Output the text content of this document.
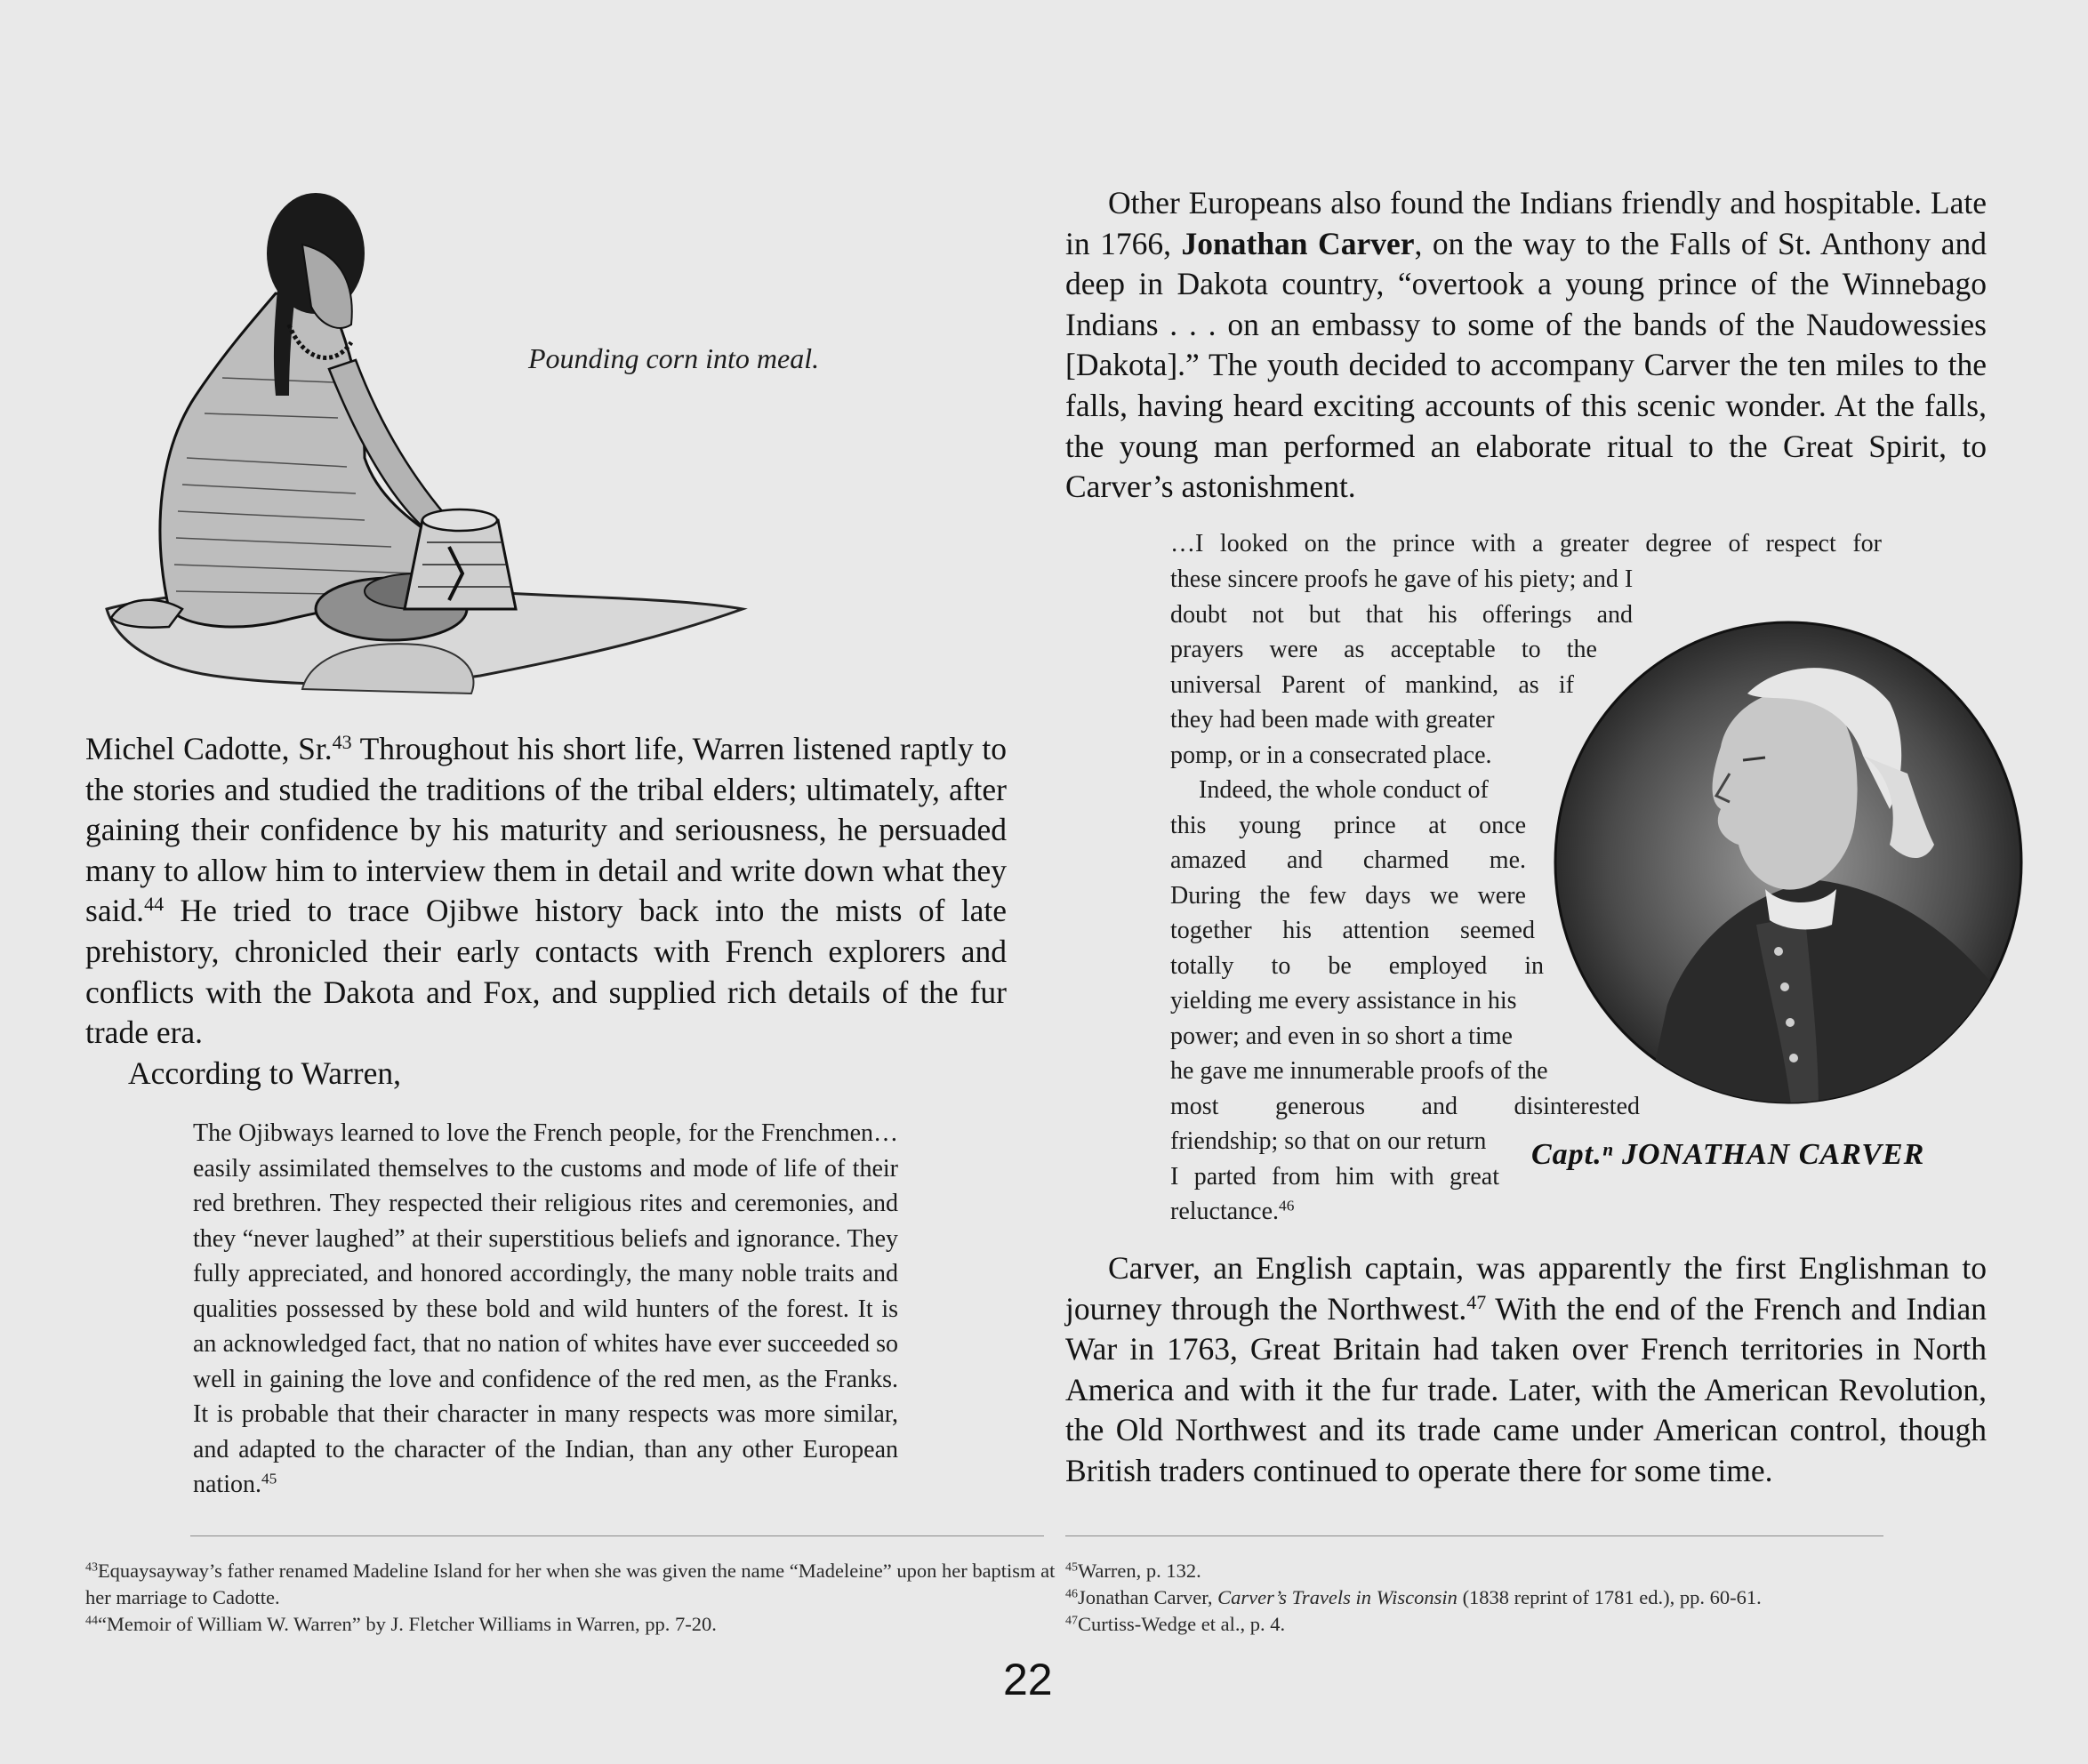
Pounding corn into meal.

Michel Cadotte, Sr.$^{43}$ Throughout his short life, Warren listened raptly to the stories and studied the traditions of the tribal elders; ultimately, after gaining their confidence by his maturity and seriousness, he persuaded many to allow him to interview them in detail and write down what they said.$^{44}$ He tried to trace Ojibwe history back into the mists of late prehistory, chronicled their early contacts with French explorers and conflicts with the Dakota and Fox, and supplied rich details of the fur trade era.

According to Warren,

The Ojibways learned to love the French people, for the Frenchmen…easily assimilated themselves to the customs and mode of life of their red brethren. They respected their religious rites and ceremonies, and they “never laughed” at their superstitious beliefs and ignorance. They fully appreciated, and honored accordingly, the many noble traits and qualities possessed by these bold and wild hunters of the forest. It is an acknowledged fact, that no nation of whites have ever succeeded so well in gaining the love and confidence of the red men, as the Franks. It is probable that their character in many respects was more similar, and adapted to the character of the Indian, than any other European nation.$^{45}$

Other Europeans also found the Indians friendly and hospitable. Late in 1766, Jonathan Carver, on the way to the Falls of St. Anthony and deep in Dakota country, “overtook a young prince of the Winnebago Indians . . . on an embassy to some of the bands of the Naudowessies [Dakota].” The youth decided to accompany Carver the ten miles to the falls, having heard exciting accounts of this scenic wonder. At the falls, the young man performed an elaborate ritual to the Great Spirit, to Carver’s astonishment.

…I looked on the prince with a greater degree of respect for
these sincere proofs he gave of his piety; and I
doubt not but that his offerings and
prayers were as acceptable to the
universal Parent of mankind, as if
they had been made with greater
pomp, or in a consecrated place.
Indeed, the whole conduct of
this young prince at once
amazed and charmed me.
During the few days we were
together his attention seemed
totally to be employed in
yielding me every assistance in his
power; and even in so short a time
he gave me innumerable proofs of the
most generous and disinterested
friendship; so that on our return
I parted from him with great
reluctance.$^{46}$
Capt.ⁿ JONATHAN CARVER

Carver, an English captain, was apparently the first Englishman to journey through the Northwest.$^{47}$ With the end of the French and Indian War in 1763, Great Britain had taken over French territories in North America and with it the fur trade. Later, with the American Revolution, the Old Northwest and its trade came under American control, though British traders continued to operate there for some time.

$^{43}$Equaysayway’s father renamed Madeline Island for her when she was given the name “Madeleine” upon her baptism at her marriage to Cadotte.

$^{44}$“Memoir of William W. Warren” by J. Fletcher Williams in Warren, pp. 7-20.

$^{45}$Warren, p. 132.

$^{46}$Jonathan Carver, Carver’s Travels in Wisconsin (1838 reprint of 1781 ed.), pp. 60-61.

$^{47}$Curtiss-Wedge et al., p. 4.

22
